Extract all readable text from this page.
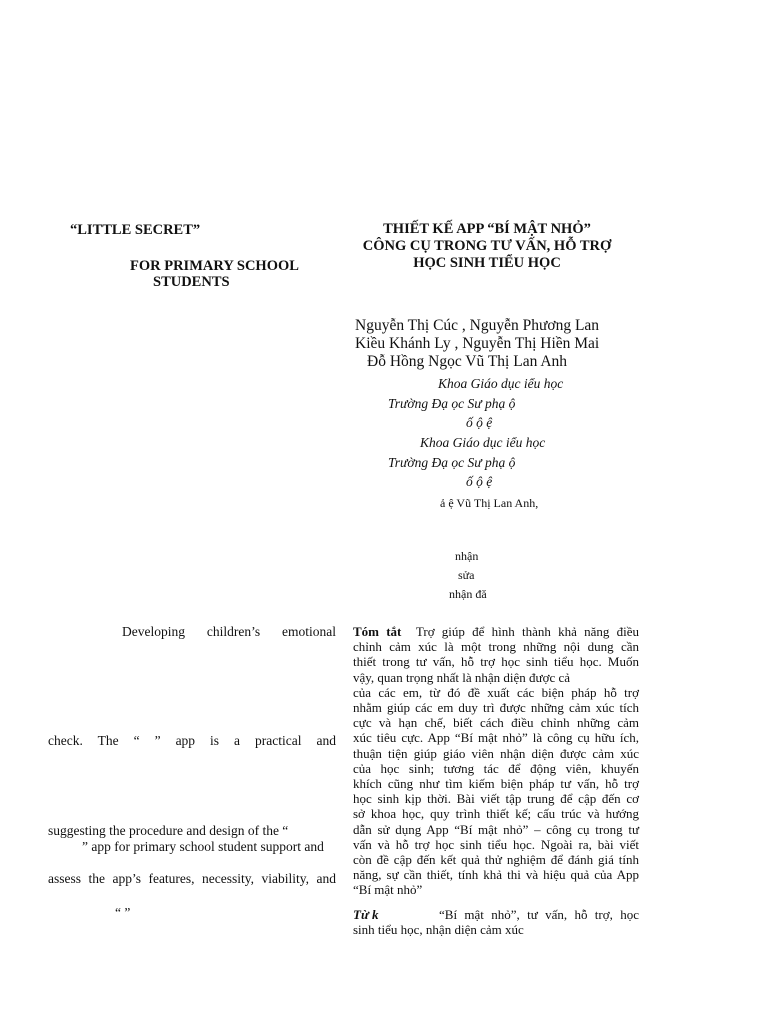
“LITTLE SECRET”
FOR PRIMARY SCHOOL
STUDENTS
THIẾT KẾ APP “BÍ MẬT NHỎ”
CÔNG CỤ TRONG TƯ VẤN, HỖ TRỢ
HỌC SINH TIỂU HỌC
Nguyễn Thị Cúc , Nguyễn Phương Lan
Kiều Khánh Ly , Nguyễn Thị Hiền Mai
Đỗ Hồng Ngọc Vũ Thị Lan Anh
Khoa Giáo dục iểu học
Trường Đạ ọc Sư phạ ộ
ố ộ ệ
Khoa Giáo dục iểu học
Trường Đạ ọc Sư phạ ộ
ố ộ ệ
ả ệ Vũ Thị Lan Anh,
nhận
sửa
nhận đă
Developing children’s emotional
check. The “ ” app is a practical and
suggesting the procedure and design of the “
” app for primary school student support and
assess the app’s features, necessity, viability, and
“ ”
Tóm tắt Trợ giúp để hình thành khả năng điều
chỉnh cảm xúc là một trong những nội dung cần
thiết trong tư vấn, hỗ trợ học sinh tiểu học. Muốn
vậy, quan trọng nhất là nhận diện được cả
của các em, từ đó đề xuất các biện pháp hỗ trợ
nhằm giúp các em duy trì được những cảm xúc tích
cực và hạn chế, biết cách điều chỉnh những cảm
xúc tiêu cực. App “Bí mật nhỏ” là công cụ hữu ích,
thuận tiện giúp giáo viên nhận diện được cảm xúc
của học sinh; tương tác để động viên, khuyến
khích cũng như tìm kiếm biện pháp tư vấn, hỗ trợ
học sinh kịp thời. Bài viết tập trung để cập đến cơ
sở khoa học, quy trình thiết kế; cấu trúc và hướng
dẫn sử dụng App “Bí mật nhỏ” – công cụ trong tư
vấn và hỗ trợ học sinh tiểu học. Ngoài ra, bài viết
còn đề cập đến kết quả thử nghiệm để đánh giá tính
năng, sự cần thiết, tính khả thi và hiệu quả của App
“Bí mật nhỏ”
Từ k	“Bí mật nhỏ”, tư vấn, hỗ trợ, học
sinh tiểu học, nhận diện cảm xúc
